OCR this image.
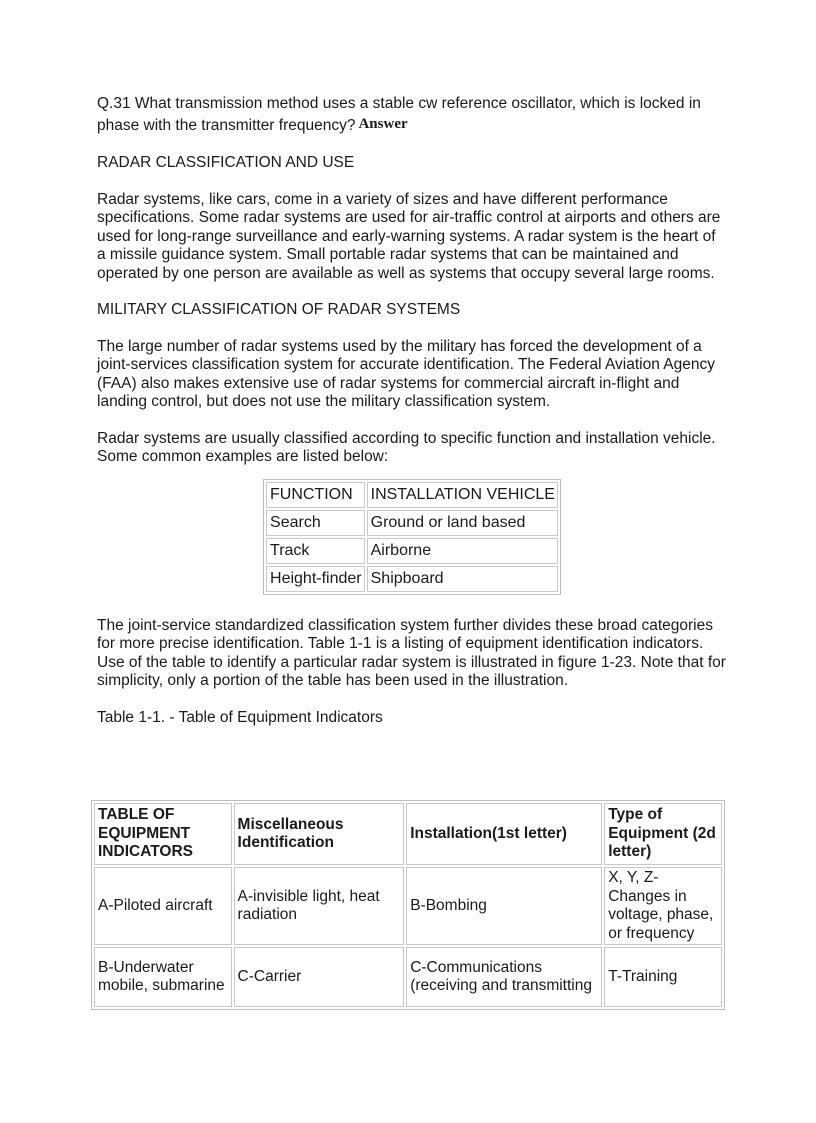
Q.31 What transmission method uses a stable cw reference oscillator, which is locked in phase with the transmitter frequency? Answer

RADAR CLASSIFICATION AND USE

Radar systems, like cars, come in a variety of sizes and have different performance specifications. Some radar systems are used for air-traffic control at airports and others are used for long-range surveillance and early-warning systems. A radar system is the heart of a missile guidance system. Small portable radar systems that can be maintained and operated by one person are available as well as systems that occupy several large rooms.

MILITARY CLASSIFICATION OF RADAR SYSTEMS

The large number of radar systems used by the military has forced the development of a joint-services classification system for accurate identification. The Federal Aviation Agency (FAA) also makes extensive use of radar systems for commercial aircraft in-flight and landing control, but does not use the military classification system.

Radar systems are usually classified according to specific function and installation vehicle. Some common examples are listed below:

FUNCTION	INSTALLATION VEHICLE
Search	Ground or land based
Track	Airborne
Height-finder	Shipboard

The joint-service standardized classification system further divides these broad categories for more precise identification. Table 1-1 is a listing of equipment identification indicators. Use of the table to identify a particular radar system is illustrated in figure 1-23. Note that for simplicity, only a portion of the table has been used in the illustration.

Table 1-1. - Table of Equipment Indicators

TABLE OF EQUIPMENT INDICATORS	Miscellaneous Identification	Installation(1st letter)	Type of Equipment (2d letter)
A-Piloted aircraft	A-invisible light, heat radiation	B-Bombing	X, Y, Z- Changes in voltage, phase, or frequency
B-Underwater mobile, submarine	C-Carrier	C-Communications (receiving and transmitting	T-Training
